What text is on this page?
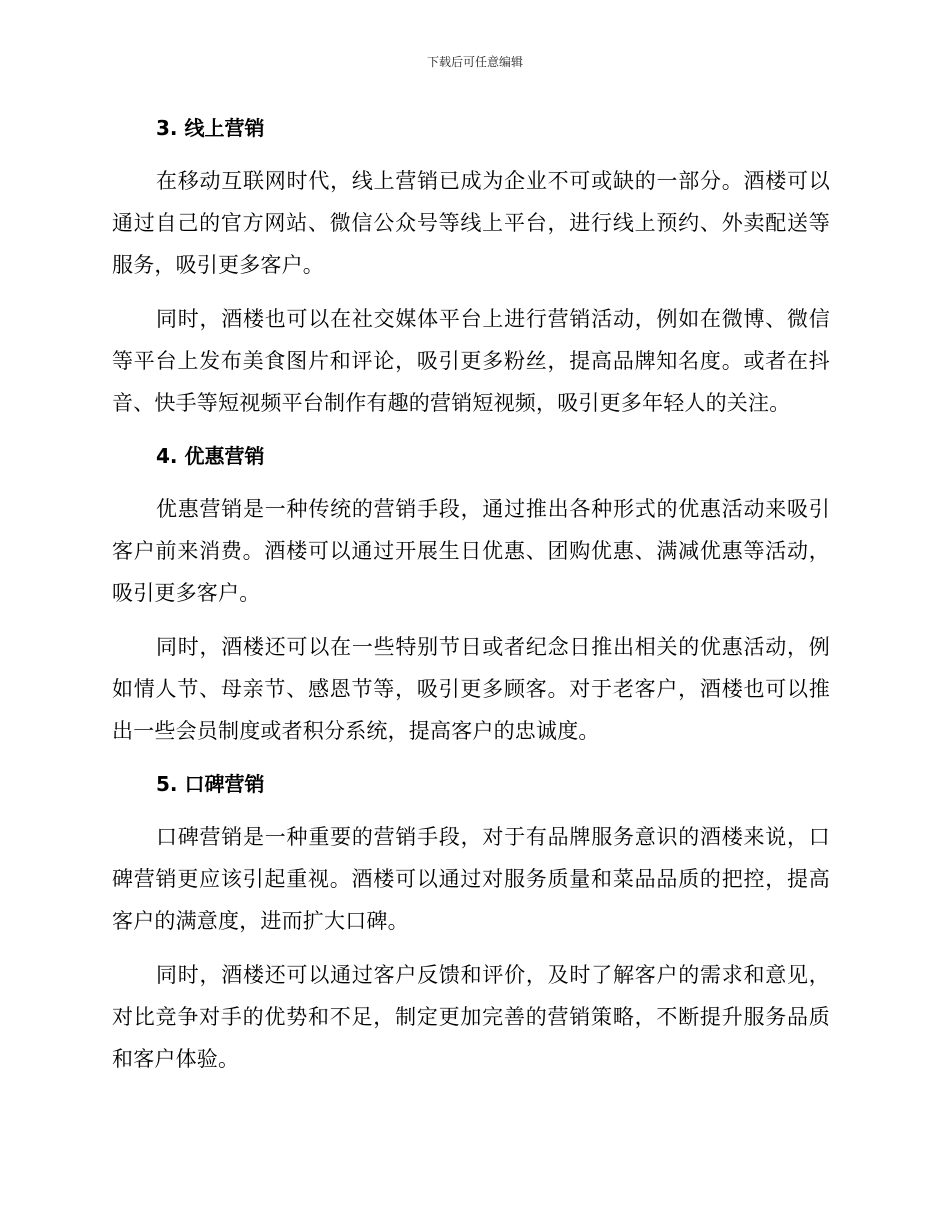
下载后可任意编辑
3. 线上营销

在移动互联网时代，线上营销已成为企业不可或缺的一部分。酒楼可以通过自己的官方网站、微信公众号等线上平台，进行线上预约、外卖配送等服务，吸引更多客户。

同时，酒楼也可以在社交媒体平台上进行营销活动，例如在微博、微信等平台上发布美食图片和评论，吸引更多粉丝，提高品牌知名度。或者在抖音、快手等短视频平台制作有趣的营销短视频，吸引更多年轻人的关注。

4. 优惠营销

优惠营销是一种传统的营销手段，通过推出各种形式的优惠活动来吸引客户前来消费。酒楼可以通过开展生日优惠、团购优惠、满减优惠等活动，吸引更多客户。

同时，酒楼还可以在一些特别节日或者纪念日推出相关的优惠活动，例如情人节、母亲节、感恩节等，吸引更多顾客。对于老客户，酒楼也可以推出一些会员制度或者积分系统，提高客户的忠诚度。

5. 口碑营销

口碑营销是一种重要的营销手段，对于有品牌服务意识的酒楼来说，口碑营销更应该引起重视。酒楼可以通过对服务质量和菜品品质的把控，提高客户的满意度，进而扩大口碑。

同时，酒楼还可以通过客户反馈和评价，及时了解客户的需求和意见，对比竞争对手的优势和不足，制定更加完善的营销策略，不断提升服务品质和客户体验。
